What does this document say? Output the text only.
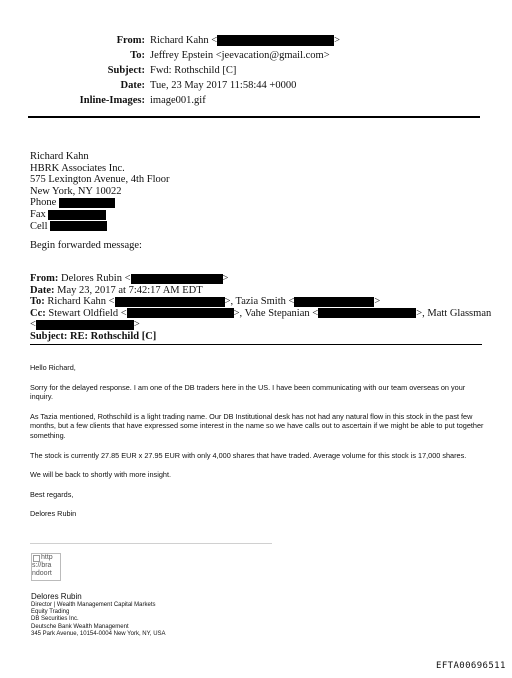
From: Richard Kahn <	>
To: Jeffrey Epstein <jeevacation@gmail.com>
Subject: Fwd: Rothschild [C]
Date: Tue, 23 May 2017 11:58:44 +0000
Inline-Images: image001.gif
Richard Kahn
HBRK Associates Inc.
575 Lexington Avenue, 4th Floor
New York, NY 10022
Phone
Fax
Cell
Begin forwarded message:
From: Delores Rubin <	>
Date: May 23, 2017 at 7:42:17 AM EDT
To: Richard Kahn <	>, Tazia Smith <	>
Cc: Stewart Oldfield <	>, Vahe Stepanian <	>, Matt Glassman
<	>
Subject: RE: Rothschild [C]

Hello Richard,

Sorry for the delayed response. I am one of the DB traders here in the US. I have been communicating with our team overseas on your inquiry.

As Tazia mentioned, Rothschild is a light trading name. Our DB Institutional desk has not had any natural flow in this stock in the past few months, but a few clients that have expressed some interest in the name so we have calls out to ascertain if we might be able to put together something.

The stock is currently 27.85 EUR x 27.95 EUR with only 4,000 shares that have traded. Average volume for this stock is 17,000 shares.

We will be back to shortly with more insight.

Best regards,

Delores Rubin

http
s://bra
ndoort
Delores Rubin
Director | Wealth Management Capital Markets
Equity Trading
DB Securities Inc.
Deutsche Bank Wealth Management
345 Park Avenue, 10154-0004 New York, NY, USA
EFTA00696511
